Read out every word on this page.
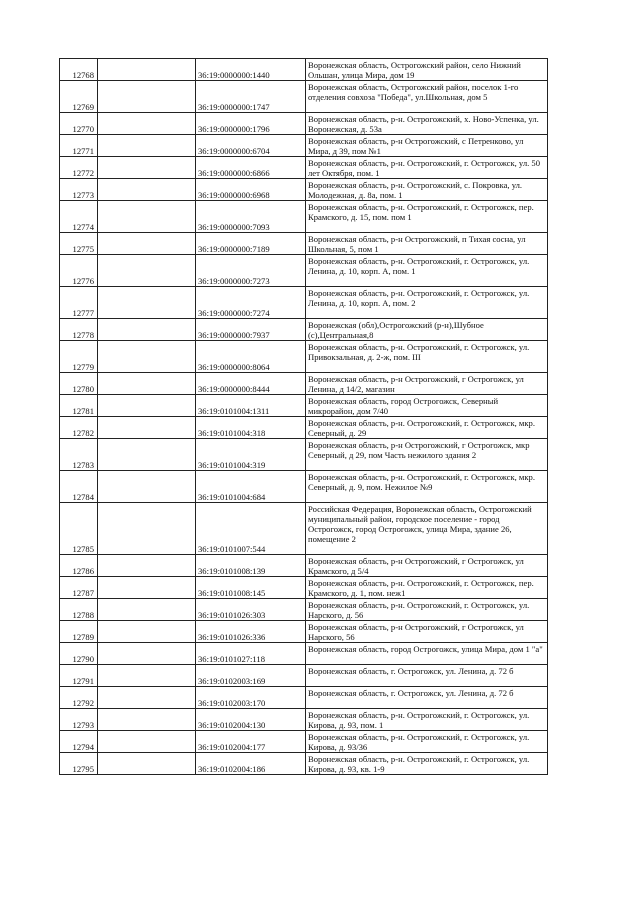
12768		36:19:0000000:1440	Воронежская область, Острогожский район, село Нижний Ольшан, улица Мира, дом 19
12769		36:19:0000000:1747	Воронежская область, Острогожский район, поселок 1-го отделения совхоза "Победа", ул.Школьная, дом 5
12770		36:19:0000000:1796	Воронежская область, р-н. Острогожский, х. Ново-Успенка, ул. Воронежская, д. 53а
12771		36:19:0000000:6704	Воронежская область, р-н Острогожский, с Петренково, ул Мира, д 39, пом №1
12772		36:19:0000000:6866	Воронежская область, р-н. Острогожский, г. Острогожск, ул. 50 лет Октября, пом. 1
12773		36:19:0000000:6968	Воронежская область, р-н. Острогожский, с. Покровка, ул. Молодежная, д. 8а, пом. 1
12774		36:19:0000000:7093	Воронежская область, р-н. Острогожский, г. Острогожск, пер. Крамского, д. 15, пом. пом 1
12775		36:19:0000000:7189	Воронежская область, р-н Острогожский, п Тихая сосна, ул Школьная, 5, пом 1
12776		36:19:0000000:7273	Воронежская область, р-н. Острогожский, г. Острогожск, ул. Ленина, д. 10, корп. А, пом. 1
12777		36:19:0000000:7274	Воронежская область, р-н. Острогожский, г. Острогожск, ул. Ленина, д. 10, корп. А, пом. 2
12778		36:19:0000000:7937	Воронежская (обл),Острогожский (р-н),Шубное (с),Центральная,8
12779		36:19:0000000:8064	Воронежская область, р-н. Острогожский, г. Острогожск, ул. Привокзальная, д. 2-ж, пом. III
12780		36:19:0000000:8444	Воронежская область, р-н Острогожский, г Острогожск, ул Ленина, д 14/2, магазин
12781		36:19:0101004:1311	Воронежская область, город Острогожск, Северный микрорайон, дом 7/40
12782		36:19:0101004:318	Воронежская область, р-н. Острогожский, г. Острогожск, мкр. Северный, д. 29
12783		36:19:0101004:319	Воронежская область, р-н Острогожский, г Острогожск, мкр Северный, д 29, пом Часть нежилого здания 2
12784		36:19:0101004:684	Воронежская область, р-н. Острогожский, г. Острогожск, мкр. Северный, д. 9, пом. Нежилое №9
12785		36:19:0101007:544	Российская Федерация, Воронежская область, Острогожский муниципальный район, городское поселение - город Острогожск, город Острогожск, улица Мира, здание 26, помещение 2
12786		36:19:0101008:139	Воронежская область, р-н Острогожский, г Острогожск, ул Крамского, д 5/4
12787		36:19:0101008:145	Воронежская область, р-н. Острогожский, г. Острогожск, пер. Крамского, д. 1, пом. неж1
12788		36:19:0101026:303	Воронежская область, р-н. Острогожский, г. Острогожск, ул. Нарского, д. 56
12789		36:19:0101026:336	Воронежская область, р-н Острогожский, г Острогожск, ул Нарского, 56
12790		36:19:0101027:118	Воронежская область, город Острогожск, улица Мира, дом 1 "а"
12791		36:19:0102003:169	Воронежская область, г. Острогожск, ул. Ленина, д. 72 б
12792		36:19:0102003:170	Воронежская область, г. Острогожск, ул. Ленина, д. 72 б
12793		36:19:0102004:130	Воронежская область, р-н. Острогожский, г. Острогожск, ул. Кирова, д. 93, пом. 1
12794		36:19:0102004:177	Воронежская область, р-н. Острогожский, г. Острогожск, ул. Кирова, д. 93/36
12795		36:19:0102004:186	Воронежская область, р-н. Острогожский, г. Острогожск, ул. Кирова, д. 93, кв. 1-9
